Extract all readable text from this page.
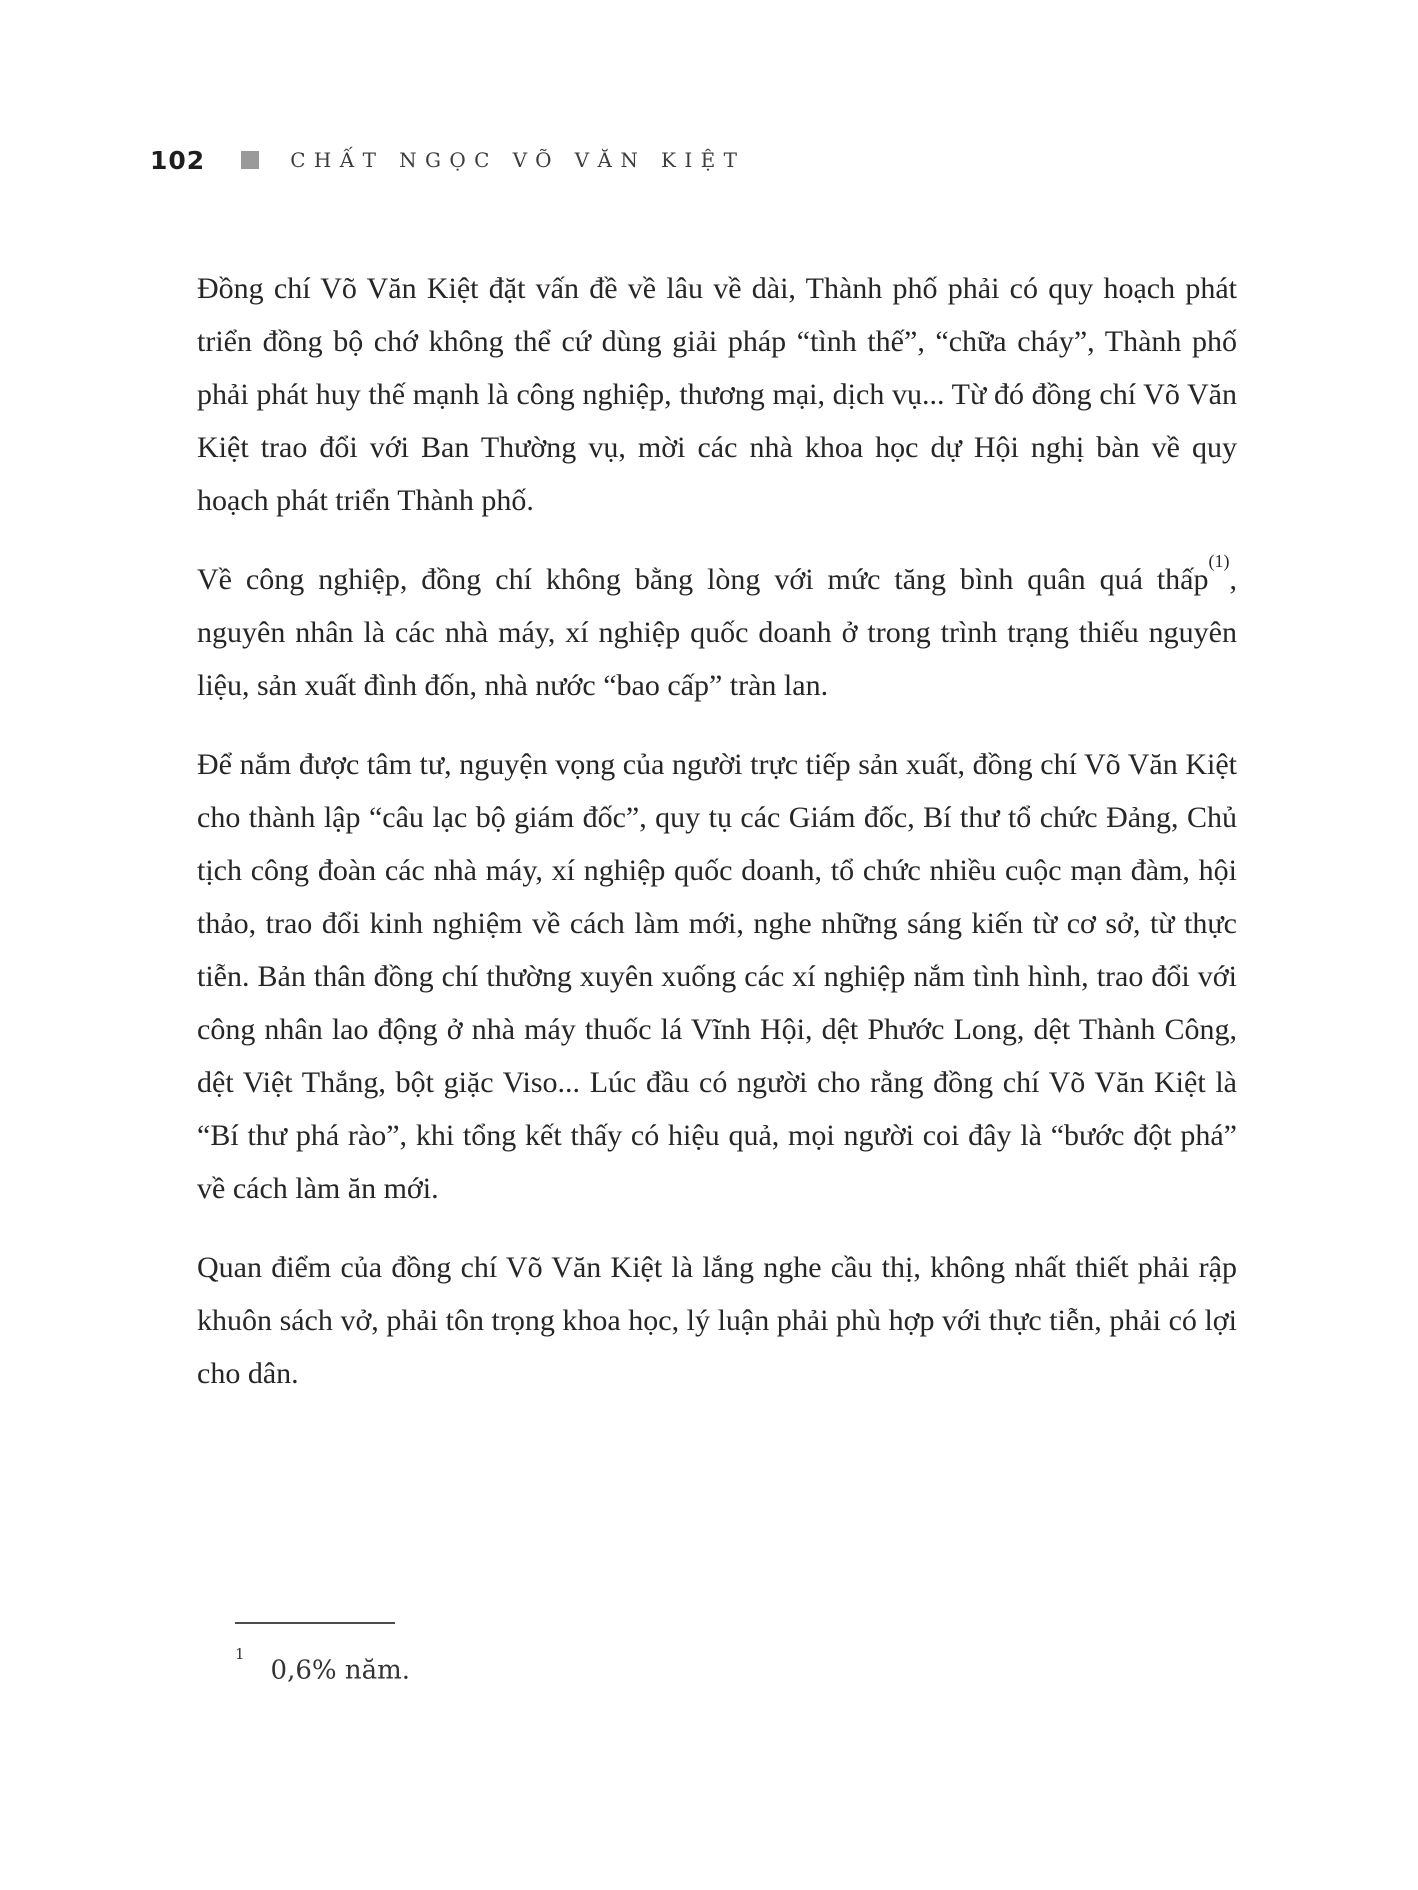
102	CHẤT NGỌC VÕ VĂN KIỆT

Đồng chí Võ Văn Kiệt đặt vấn đề về lâu về dài, Thành phố phải có quy hoạch phát triển đồng bộ chớ không thể cứ dùng giải pháp “tình thế”, “chữa cháy”, Thành phố phải phát huy thế mạnh là công nghiệp, thương mại, dịch vụ... Từ đó đồng chí Võ Văn Kiệt trao đổi với Ban Thường vụ, mời các nhà khoa học dự Hội nghị bàn về quy hoạch phát triển Thành phố.

Về công nghiệp, đồng chí không bằng lòng với mức tăng bình quân quá thấp$^{(1)}$, nguyên nhân là các nhà máy, xí nghiệp quốc doanh ở trong trình trạng thiếu nguyên liệu, sản xuất đình đốn, nhà nước “bao cấp” tràn lan.

Để nắm được tâm tư, nguyện vọng của người trực tiếp sản xuất, đồng chí Võ Văn Kiệt cho thành lập “câu lạc bộ giám đốc”, quy tụ các Giám đốc, Bí thư tổ chức Đảng, Chủ tịch công đoàn các nhà máy, xí nghiệp quốc doanh, tổ chức nhiều cuộc mạn đàm, hội thảo, trao đổi kinh nghiệm về cách làm mới, nghe những sáng kiến từ cơ sở, từ thực tiễn. Bản thân đồng chí thường xuyên xuống các xí nghiệp nắm tình hình, trao đổi với công nhân lao động ở nhà máy thuốc lá Vĩnh Hội, dệt Phước Long, dệt Thành Công, dệt Việt Thắng, bột giặc Viso... Lúc đầu có người cho rằng đồng chí Võ Văn Kiệt là “Bí thư phá rào”, khi tổng kết thấy có hiệu quả, mọi người coi đây là “bước đột phá” về cách làm ăn mới.

Quan điểm của đồng chí Võ Văn Kiệt là lắng nghe cầu thị, không nhất thiết phải rập khuôn sách vở, phải tôn trọng khoa học, lý luận phải phù hợp với thực tiễn, phải có lợi cho dân.

$^1$0,6% năm.
